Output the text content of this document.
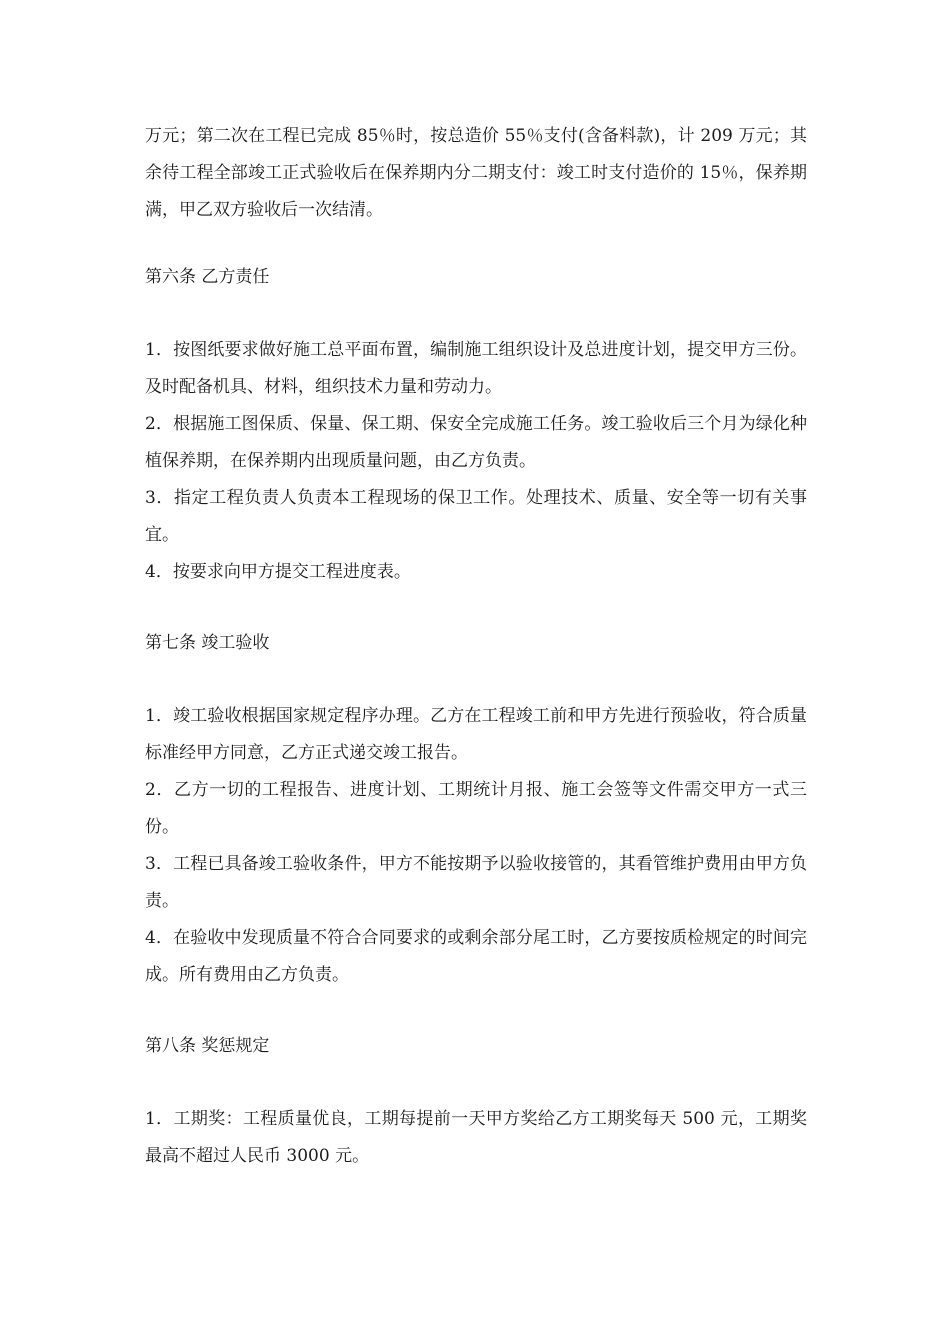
万元；第二次在工程已完成 85％时，按总造价 55％支付(含备料款)，计 209 万元；其余待工程全部竣工正式验收后在保养期内分二期支付：竣工时支付造价的 15％，保养期满，甲乙双方验收后一次结清。

第六条 乙方责任

1．按图纸要求做好施工总平面布置，编制施工组织设计及总进度计划，提交甲方三份。及时配备机具、材料，组织技术力量和劳动力。

2．根据施工图保质、保量、保工期、保安全完成施工任务。竣工验收后三个月为绿化种植保养期，在保养期内出现质量问题，由乙方负责。

3．指定工程负责人负责本工程现场的保卫工作。处理技术、质量、安全等一切有关事宜。

4．按要求向甲方提交工程进度表。

第七条 竣工验收

1．竣工验收根据国家规定程序办理。乙方在工程竣工前和甲方先进行预验收，符合质量标准经甲方同意，乙方正式递交竣工报告。

2．乙方一切的工程报告、进度计划、工期统计月报、施工会签等文件需交甲方一式三份。

3．工程已具备竣工验收条件，甲方不能按期予以验收接管的，其看管维护费用由甲方负责。

4．在验收中发现质量不符合合同要求的或剩余部分尾工时，乙方要按质检规定的时间完成。所有费用由乙方负责。

第八条 奖惩规定

1．工期奖：工程质量优良，工期每提前一天甲方奖给乙方工期奖每天 500 元，工期奖最高不超过人民币 3000 元。
